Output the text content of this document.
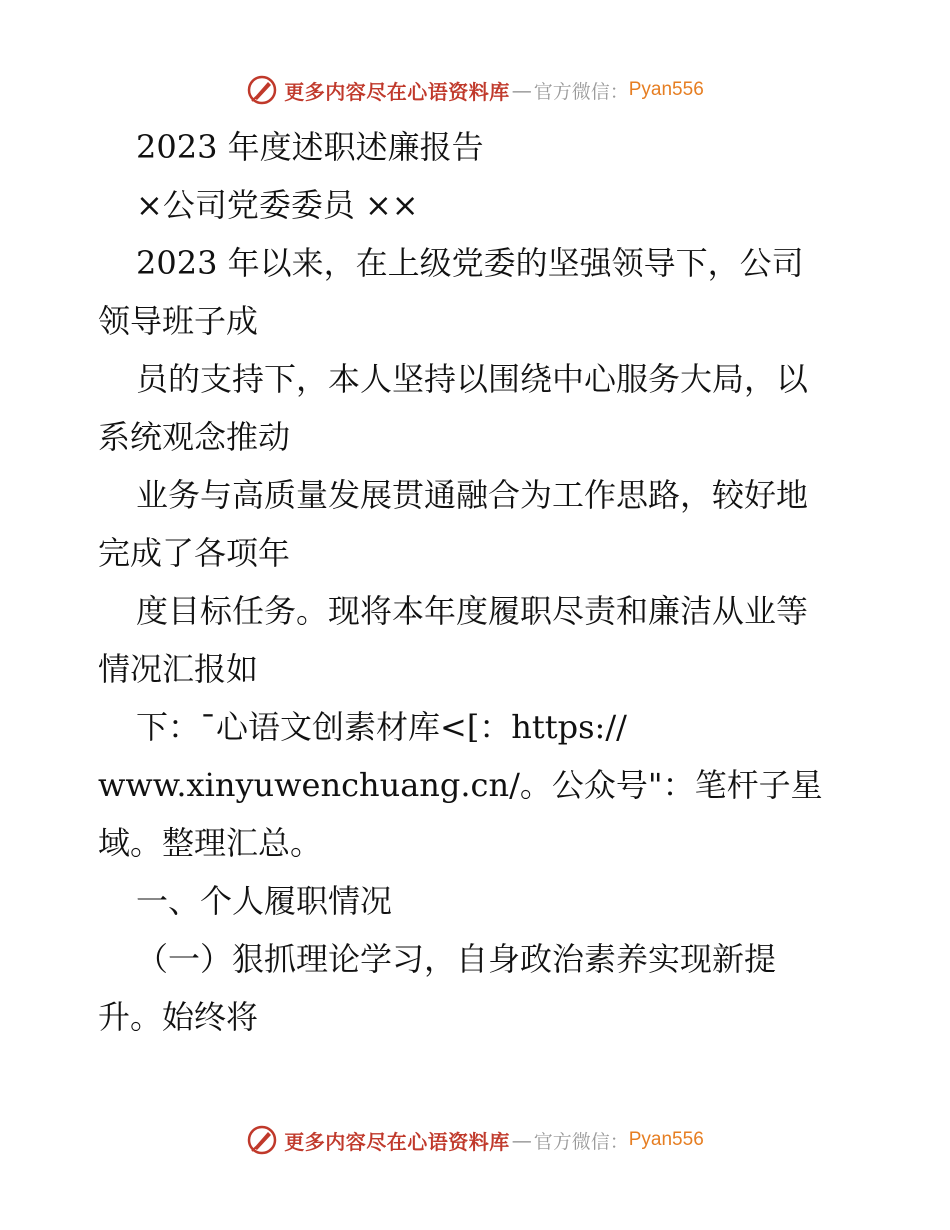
更多内容尽在心语资料库 — 官方微信： Pyan556
2023 年度述职述廉报告
×公司党委委员 ××
2023 年以来，在上级党委的坚强领导下，公司
领导班子成
员的支持下，本人坚持以围绕中心服务大局，以
系统观念推动
业务与高质量发展贯通融合为工作思路，较好地
完成了各项年
度目标任务。现将本年度履职尽责和廉洁从业等
情况汇报如
下：¯心语文创素材库<[：https://
www.xinyuwenchuang.cn/。公众号"：笔杆子星
域。整理汇总。
一、个人履职情况
（一）狠抓理论学习，自身政治素养实现新提
升。始终将
更多内容尽在心语资料库 — 官方微信： Pyan556
